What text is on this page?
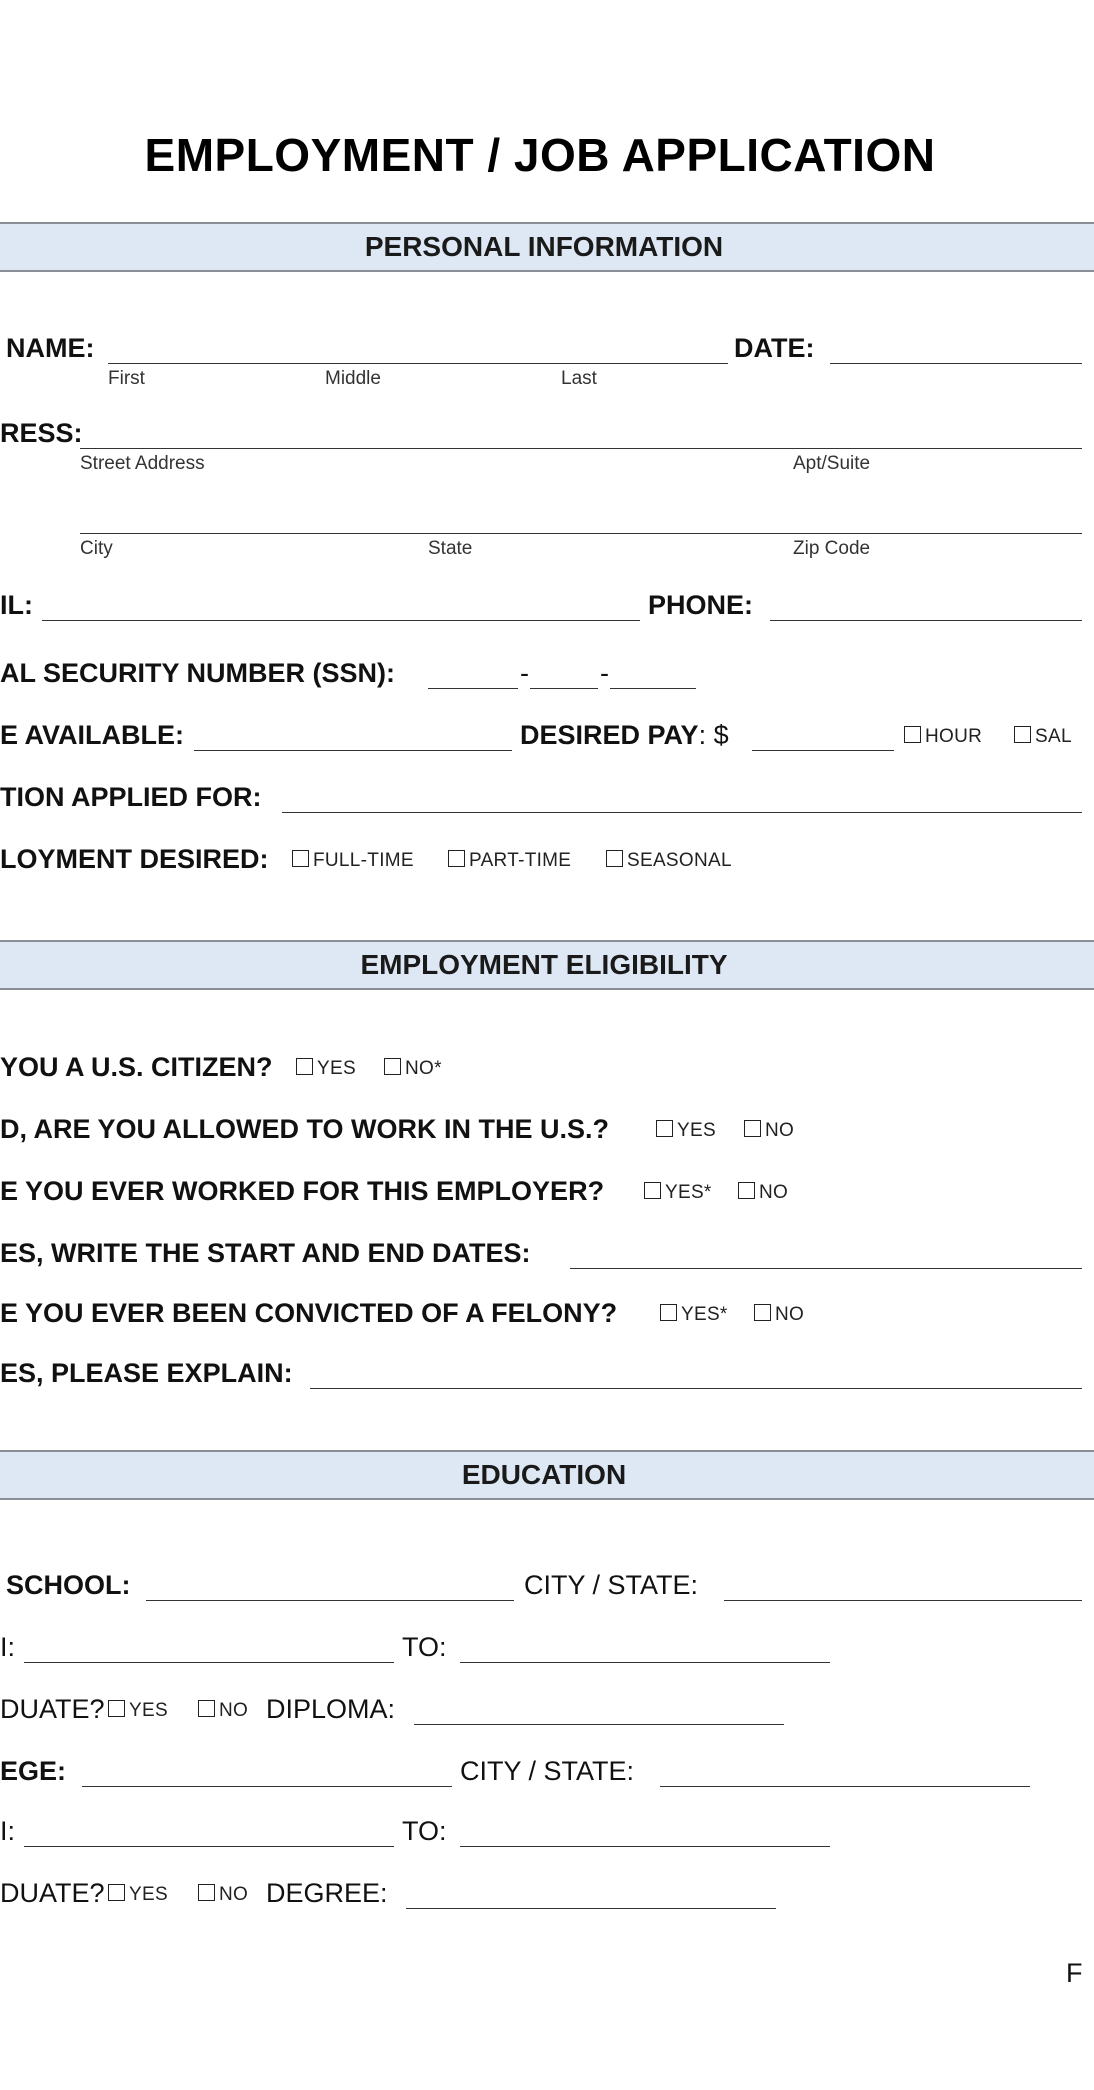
EMPLOYMENT / JOB APPLICATION
PERSONAL INFORMATION
NAME:
First	Middle	Last
DATE:
RESS:
Street Address	Apt/Suite
City	State	Zip Code
IL:	PHONE:
AL SECURITY NUMBER (SSN):	-	-
E AVAILABLE:	DESIRED PAY: $	HOUR	SAL
TION APPLIED FOR:
LOYMENT DESIRED:	FULL-TIME	PART-TIME	SEASONAL
EMPLOYMENT ELIGIBILITY
YOU A U.S. CITIZEN?	YES	NO*
D, ARE YOU ALLOWED TO WORK IN THE U.S.?	YES	NO
E YOU EVER WORKED FOR THIS EMPLOYER?	YES*	NO
ES, WRITE THE START AND END DATES:
E YOU EVER BEEN CONVICTED OF A FELONY?	YES*	NO
ES, PLEASE EXPLAIN:
EDUCATION
SCHOOL:	CITY / STATE:
I:	TO:
DUATE?	YES	NO DIPLOMA:
EGE:	CITY / STATE:
I:	TO:
DUATE?	YES	NO DEGREE:
F
